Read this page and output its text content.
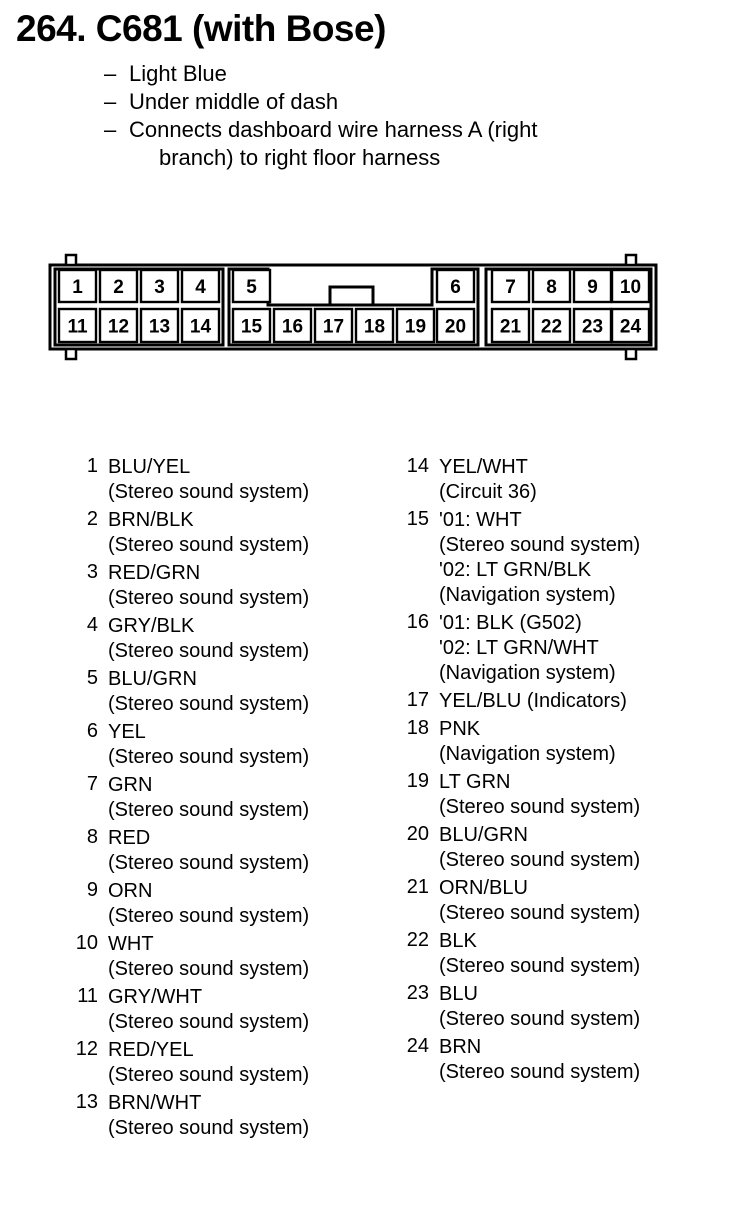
264. C681 (with Bose)
– Light Blue
– Under middle of dash
– Connects dashboard wire harness A (right
branch) to right floor harness
1 2 3 4 5	6 7 8 9 10
11 12 13 14 15 16 17 18 19 20 21 22 23 24
1 BLU/YEL
(Stereo sound system)
2 BRN/BLK
(Stereo sound system)
3 RED/GRN
(Stereo sound system)
4 GRY/BLK
(Stereo sound system)
5 BLU/GRN
(Stereo sound system)
6 YEL
(Stereo sound system)
7 GRN
(Stereo sound system)
8 RED
(Stereo sound system)
9 ORN
(Stereo sound system)
10 WHT
(Stereo sound system)
11 GRY/WHT
(Stereo sound system)
12 RED/YEL
(Stereo sound system)
13 BRN/WHT
(Stereo sound system)
14 YEL/WHT
(Circuit 36)
15 '01: WHT
(Stereo sound system)
'02: LT GRN/BLK
(Navigation system)
16 '01: BLK (G502)
'02: LT GRN/WHT
(Navigation system)
17 YEL/BLU (Indicators)
18 PNK
(Navigation system)
19 LT GRN
(Stereo sound system)
20 BLU/GRN
(Stereo sound system)
21 ORN/BLU
(Stereo sound system)
22 BLK
(Stereo sound system)
23 BLU
(Stereo sound system)
24 BRN
(Stereo sound system)
